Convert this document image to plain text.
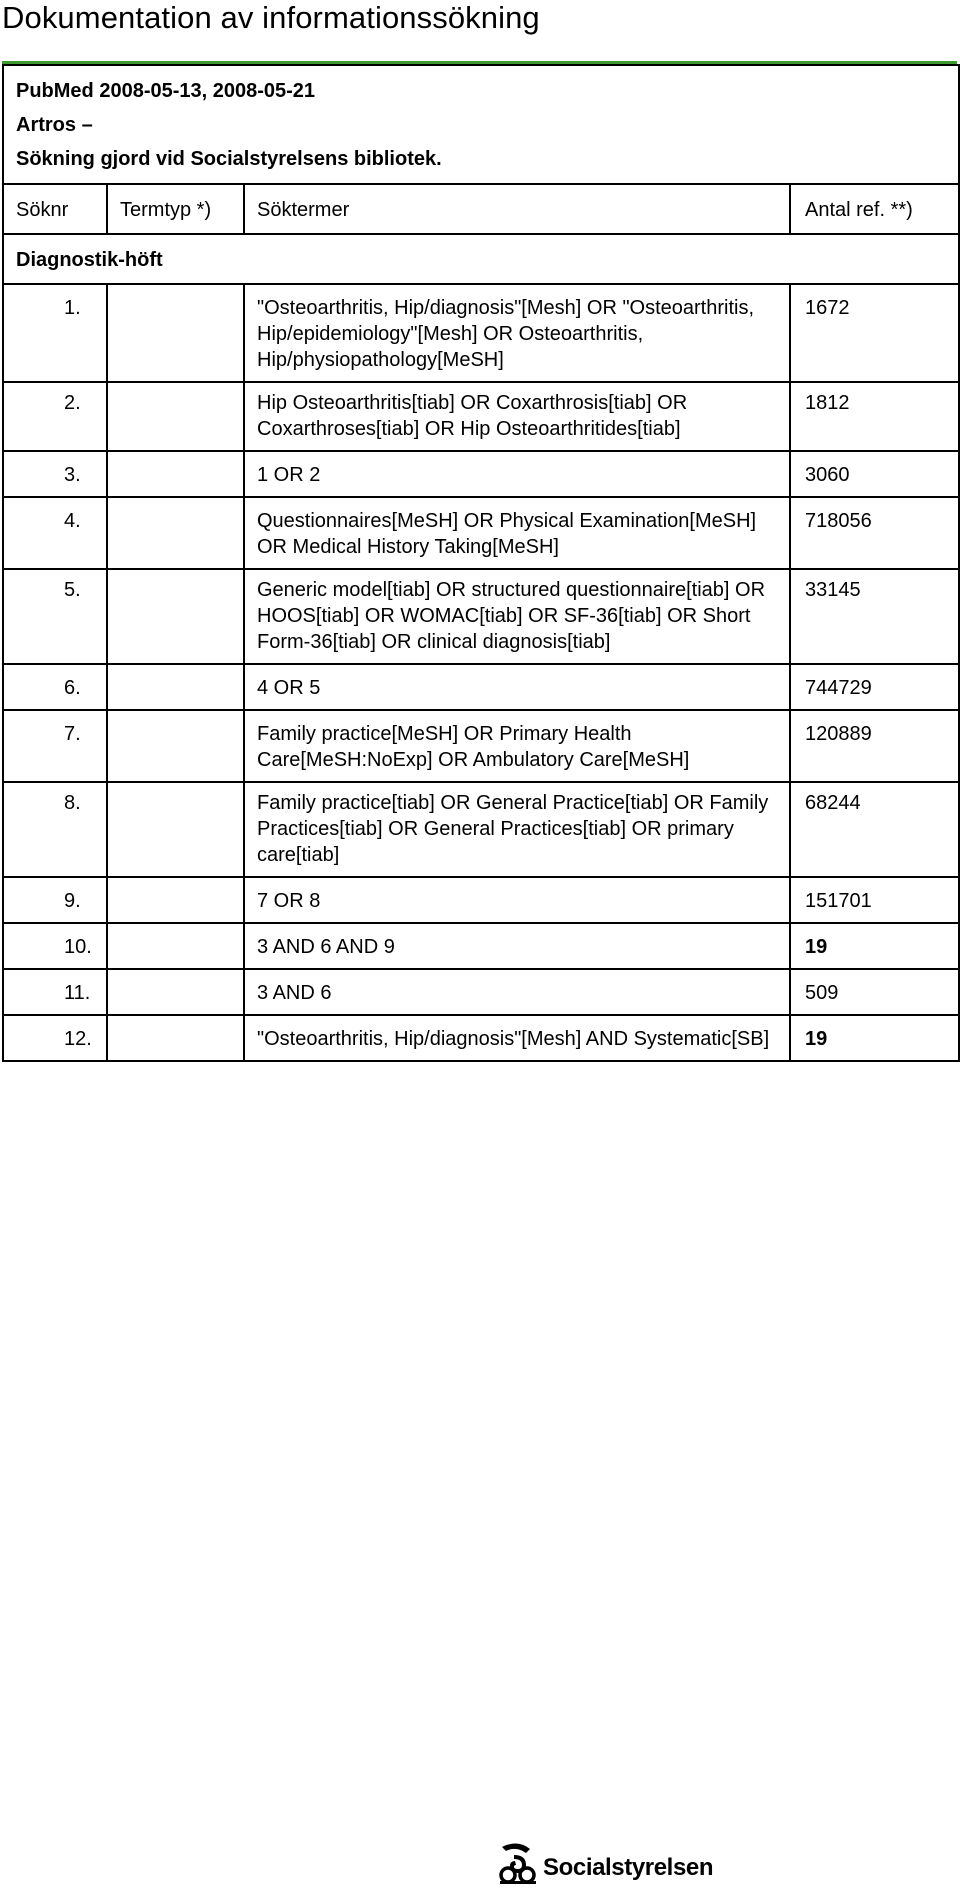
Dokumentation av informationssökning
PubMed 2008-05-13, 2008-05-21
Artros –
Sökning gjord vid Socialstyrelsens bibliotek.			

Söknr	Termtyp *)	Söktermer	Antal ref. **)
Diagnostik-höft			
1.		"Osteoarthritis, Hip/diagnosis"[Mesh] OR "Osteoarthritis, Hip/epidemiology"[Mesh] OR Osteoarthritis, Hip/physiopathology[MeSH]	1672
2.		Hip Osteoarthritis[tiab] OR Coxarthrosis[tiab] OR Coxarthroses[tiab] OR Hip Osteoarthritides[tiab]	1812
3.		1 OR 2	3060
4.		Questionnaires[MeSH] OR Physical Examination[MeSH] OR Medical History Taking[MeSH]	718056
5.		Generic model[tiab] OR structured questionnaire[tiab] OR HOOS[tiab] OR WOMAC[tiab] OR SF-36[tiab] OR Short Form-36[tiab] OR clinical diagnosis[tiab]	33145
6.		4 OR 5	744729
7.		Family practice[MeSH] OR Primary Health Care[MeSH:NoExp] OR Ambulatory Care[MeSH]	120889
8.		Family practice[tiab] OR General Practice[tiab] OR Family Practices[tiab] OR General Practices[tiab] OR primary care[tiab]	68244
9.		7 OR 8	151701
10.		3 AND 6 AND 9	19
11.		3 AND 6	509
12.		"Osteoarthritis, Hip/diagnosis"[Mesh] AND Systematic[SB]	19
Socialstyrelsen
